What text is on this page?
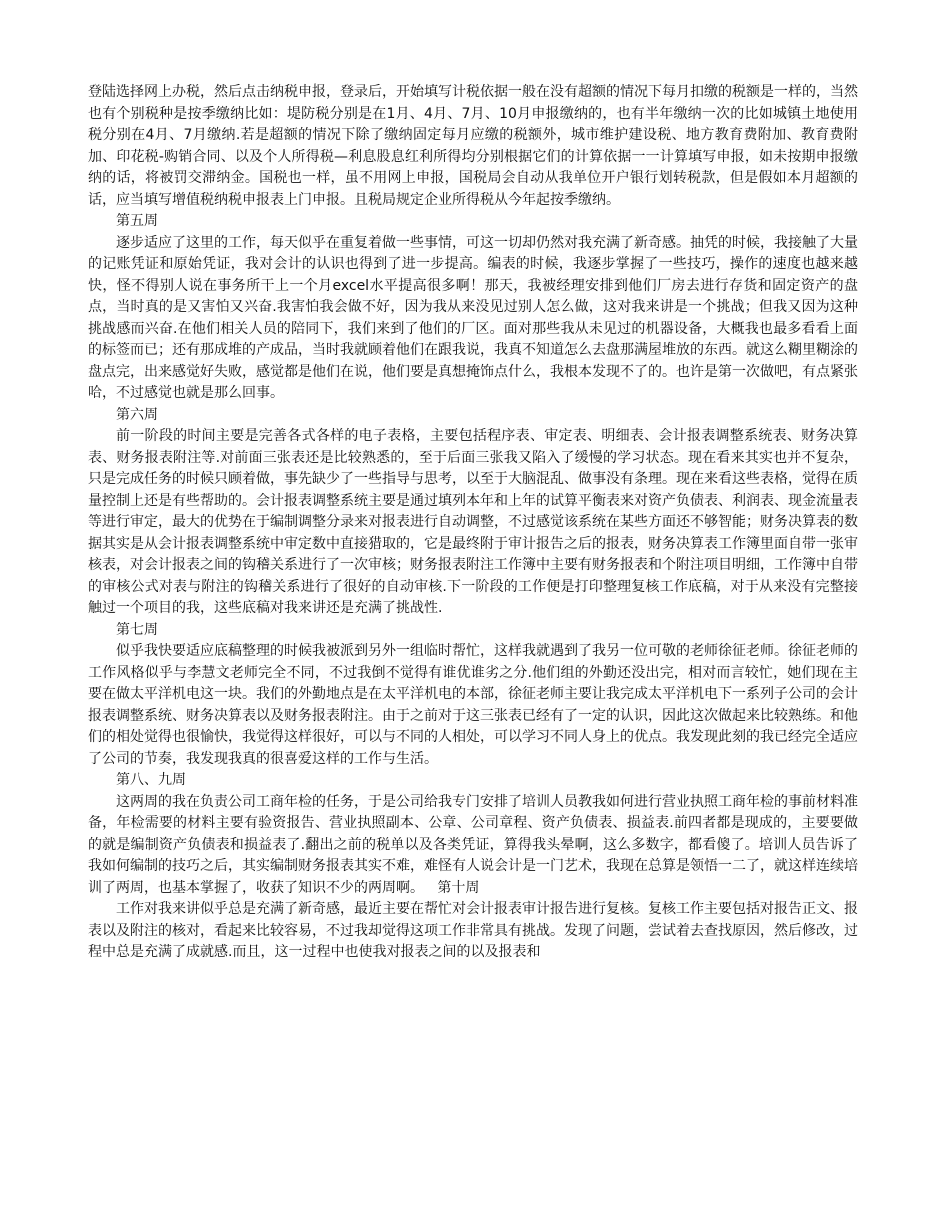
登陆选择网上办税，然后点击纳税申报，登录后，开始填写计税依据一般在没有超额的情况下每月扣缴的税额是一样的，当然也有个别税种是按季缴纳比如：堤防税分别是在1月、4月、7月、10月申报缴纳的，也有半年缴纳一次的比如城镇土地使用税分别在4月、7月缴纳.若是超额的情况下除了缴纳固定每月应缴的税额外，城市维护建设税、地方教育费附加、教育费附加、印花税-购销合同、以及个人所得税—利息股息红利所得均分别根据它们的计算依据一一计算填写申报，如未按期申报缴纳的话，将被罚交滞纳金。国税也一样，虽不用网上申报，国税局会自动从我单位开户银行划转税款，但是假如本月超额的话，应当填写增值税纳税申报表上门申报。且税局规定企业所得税从今年起按季缴纳。

第五周

逐步适应了这里的工作，每天似乎在重复着做一些事情，可这一切却仍然对我充满了新奇感。抽凭的时候，我接触了大量的记账凭证和原始凭证，我对会计的认识也得到了进一步提高。编表的时候，我逐步掌握了一些技巧，操作的速度也越来越快，怪不得别人说在事务所干上一个月excel水平提高很多啊！那天，我被经理安排到他们厂房去进行存货和固定资产的盘点，当时真的是又害怕又兴奋.我害怕我会做不好，因为我从来没见过别人怎么做，这对我来讲是一个挑战；但我又因为这种挑战感而兴奋.在他们相关人员的陪同下，我们来到了他们的厂区。面对那些我从未见过的机器设备，大概我也最多看看上面的标签而已；还有那成堆的产成品，当时我就顾着他们在跟我说，我真不知道怎么去盘那满屋堆放的东西。就这么糊里糊涂的盘点完，出来感觉好失败，感觉都是他们在说，他们要是真想掩饰点什么，我根本发现不了的。也许是第一次做吧，有点紧张哈，不过感觉也就是那么回事。

第六周

前一阶段的时间主要是完善各式各样的电子表格，主要包括程序表、审定表、明细表、会计报表调整系统表、财务决算表、财务报表附注等.对前面三张表还是比较熟悉的，至于后面三张我又陷入了缓慢的学习状态。现在看来其实也并不复杂，只是完成任务的时候只顾着做，事先缺少了一些指导与思考，以至于大脑混乱、做事没有条理。现在来看这些表格，觉得在质量控制上还是有些帮助的。会计报表调整系统主要是通过填列本年和上年的试算平衡表来对资产负债表、利润表、现金流量表等进行审定，最大的优势在于编制调整分录来对报表进行自动调整，不过感觉该系统在某些方面还不够智能；财务决算表的数据其实是从会计报表调整系统中审定数中直接猎取的，它是最终附于审计报告之后的报表，财务决算表工作簿里面自带一张审核表，对会计报表之间的钩稽关系进行了一次审核；财务报表附注工作簿中主要有财务报表和个附注项目明细，工作簿中自带的审核公式对表与附注的钩稽关系进行了很好的自动审核.下一阶段的工作便是打印整理复核工作底稿，对于从来没有完整接触过一个项目的我，这些底稿对我来讲还是充满了挑战性.

第七周

似乎我快要适应底稿整理的时候我被派到另外一组临时帮忙，这样我就遇到了我另一位可敬的老师徐征老师。徐征老师的工作风格似乎与李慧文老师完全不同，不过我倒不觉得有谁优谁劣之分.他们组的外勤还没出完，相对而言较忙，她们现在主要在做太平洋机电这一块。我们的外勤地点是在太平洋机电的本部，徐征老师主要让我完成太平洋机电下一系列子公司的会计报表调整系统、财务决算表以及财务报表附注。由于之前对于这三张表已经有了一定的认识，因此这次做起来比较熟练。和他们的相处觉得也很愉快，我觉得这样很好，可以与不同的人相处，可以学习不同人身上的优点。我发现此刻的我已经完全适应了公司的节奏，我发现我真的很喜爱这样的工作与生活。

第八、九周

这两周的我在负责公司工商年检的任务，于是公司给我专门安排了培训人员教我如何进行营业执照工商年检的事前材料准备，年检需要的材料主要有验资报告、营业执照副本、公章、公司章程、资产负债表、损益表.前四者都是现成的，主要要做的就是编制资产负债表和损益表了.翻出之前的税单以及各类凭证，算得我头晕啊，这么多数字，都看傻了。培训人员告诉了我如何编制的技巧之后，其实编制财务报表其实不难，难怪有人说会计是一门艺术，我现在总算是领悟一二了，就这样连续培训了两周，也基本掌握了，收获了知识不少的两周啊。 第十周

工作对我来讲似乎总是充满了新奇感，最近主要在帮忙对会计报表审计报告进行复核。复核工作主要包括对报告正文、报表以及附注的核对，看起来比较容易，不过我却觉得这项工作非常具有挑战。发现了问题，尝试着去查找原因，然后修改，过程中总是充满了成就感.而且，这一过程中也使我对报表之间的以及报表和
